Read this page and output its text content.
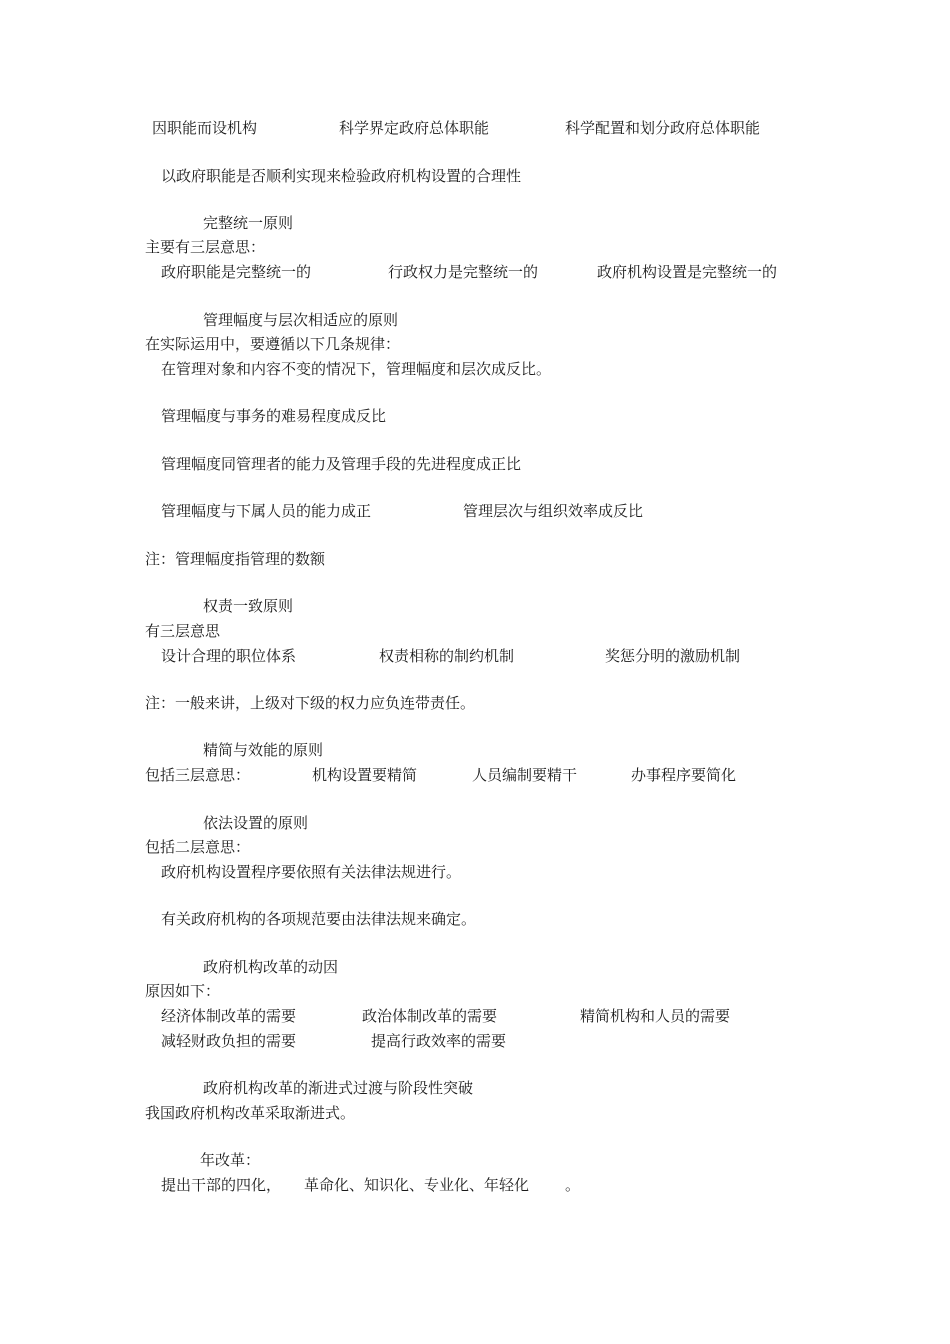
因职能而设机构	科学界定政府总体职能	科学配置和划分政府总体职能
以政府职能是否顺利实现来检验政府机构设置的合理性
完整统一原则
主要有三层意思：
政府职能是完整统一的	行政权力是完整统一的	政府机构设置是完整统一的
管理幅度与层次相适应的原则
在实际运用中，要遵循以下几条规律：
在管理对象和内容不变的情况下，管理幅度和层次成反比。
管理幅度与事务的难易程度成反比
管理幅度同管理者的能力及管理手段的先进程度成正比
管理幅度与下属人员的能力成正	管理层次与组织效率成反比
注：管理幅度指管理的数额
权责一致原则
有三层意思
设计合理的职位体系	权责相称的制约机制	奖惩分明的激励机制
注：一般来讲，上级对下级的权力应负连带责任。
精简与效能的原则
包括三层意思：	机构设置要精简	人员编制要精干	办事程序要简化
依法设置的原则
包括二层意思：
政府机构设置程序要依照有关法律法规进行。
有关政府机构的各项规范要由法律法规来确定。
政府机构改革的动因
原因如下：
经济体制改革的需要	政治体制改革的需要	精简机构和人员的需要
减轻财政负担的需要	提高行政效率的需要
政府机构改革的渐进式过渡与阶段性突破
我国政府机构改革采取渐进式。
年改革：
提出干部的四化， 革命化、知识化、专业化、年轻化 。
